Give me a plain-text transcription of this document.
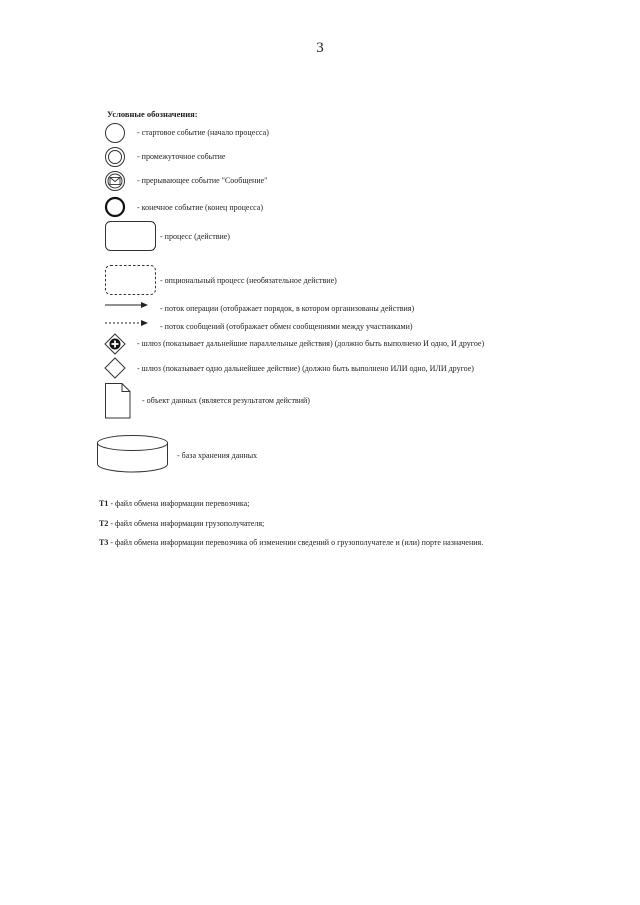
3
Условные обозначения:
- стартовое событие (начало процесса)
- промежуточное событие
- прерывающее событие "Сообщение"
- конечное событие (конец процесса)
- процесс (действие)
- опциональный процесс (необязательное действие)
- поток операции (отображает порядок, в котором организованы действия)
- поток сообщений (отображает обмен сообщениями между участниками)
- шлюз (показывает дальнейшие параллельные действия) (должно быть выполнено И одно, И другое)
- шлюз (показывает одно дальнейшее действие) (должно быть выполнено ИЛИ одно, ИЛИ другое)
- объект данных (является результатом действий)
- база хранения данных
T1 - файл обмена информации перевозчика;
T2 - файл обмена информации грузополучателя;
T3 - файл обмена информации перевозчика об изменении сведений о грузополучателе и (или) порте назначения.
